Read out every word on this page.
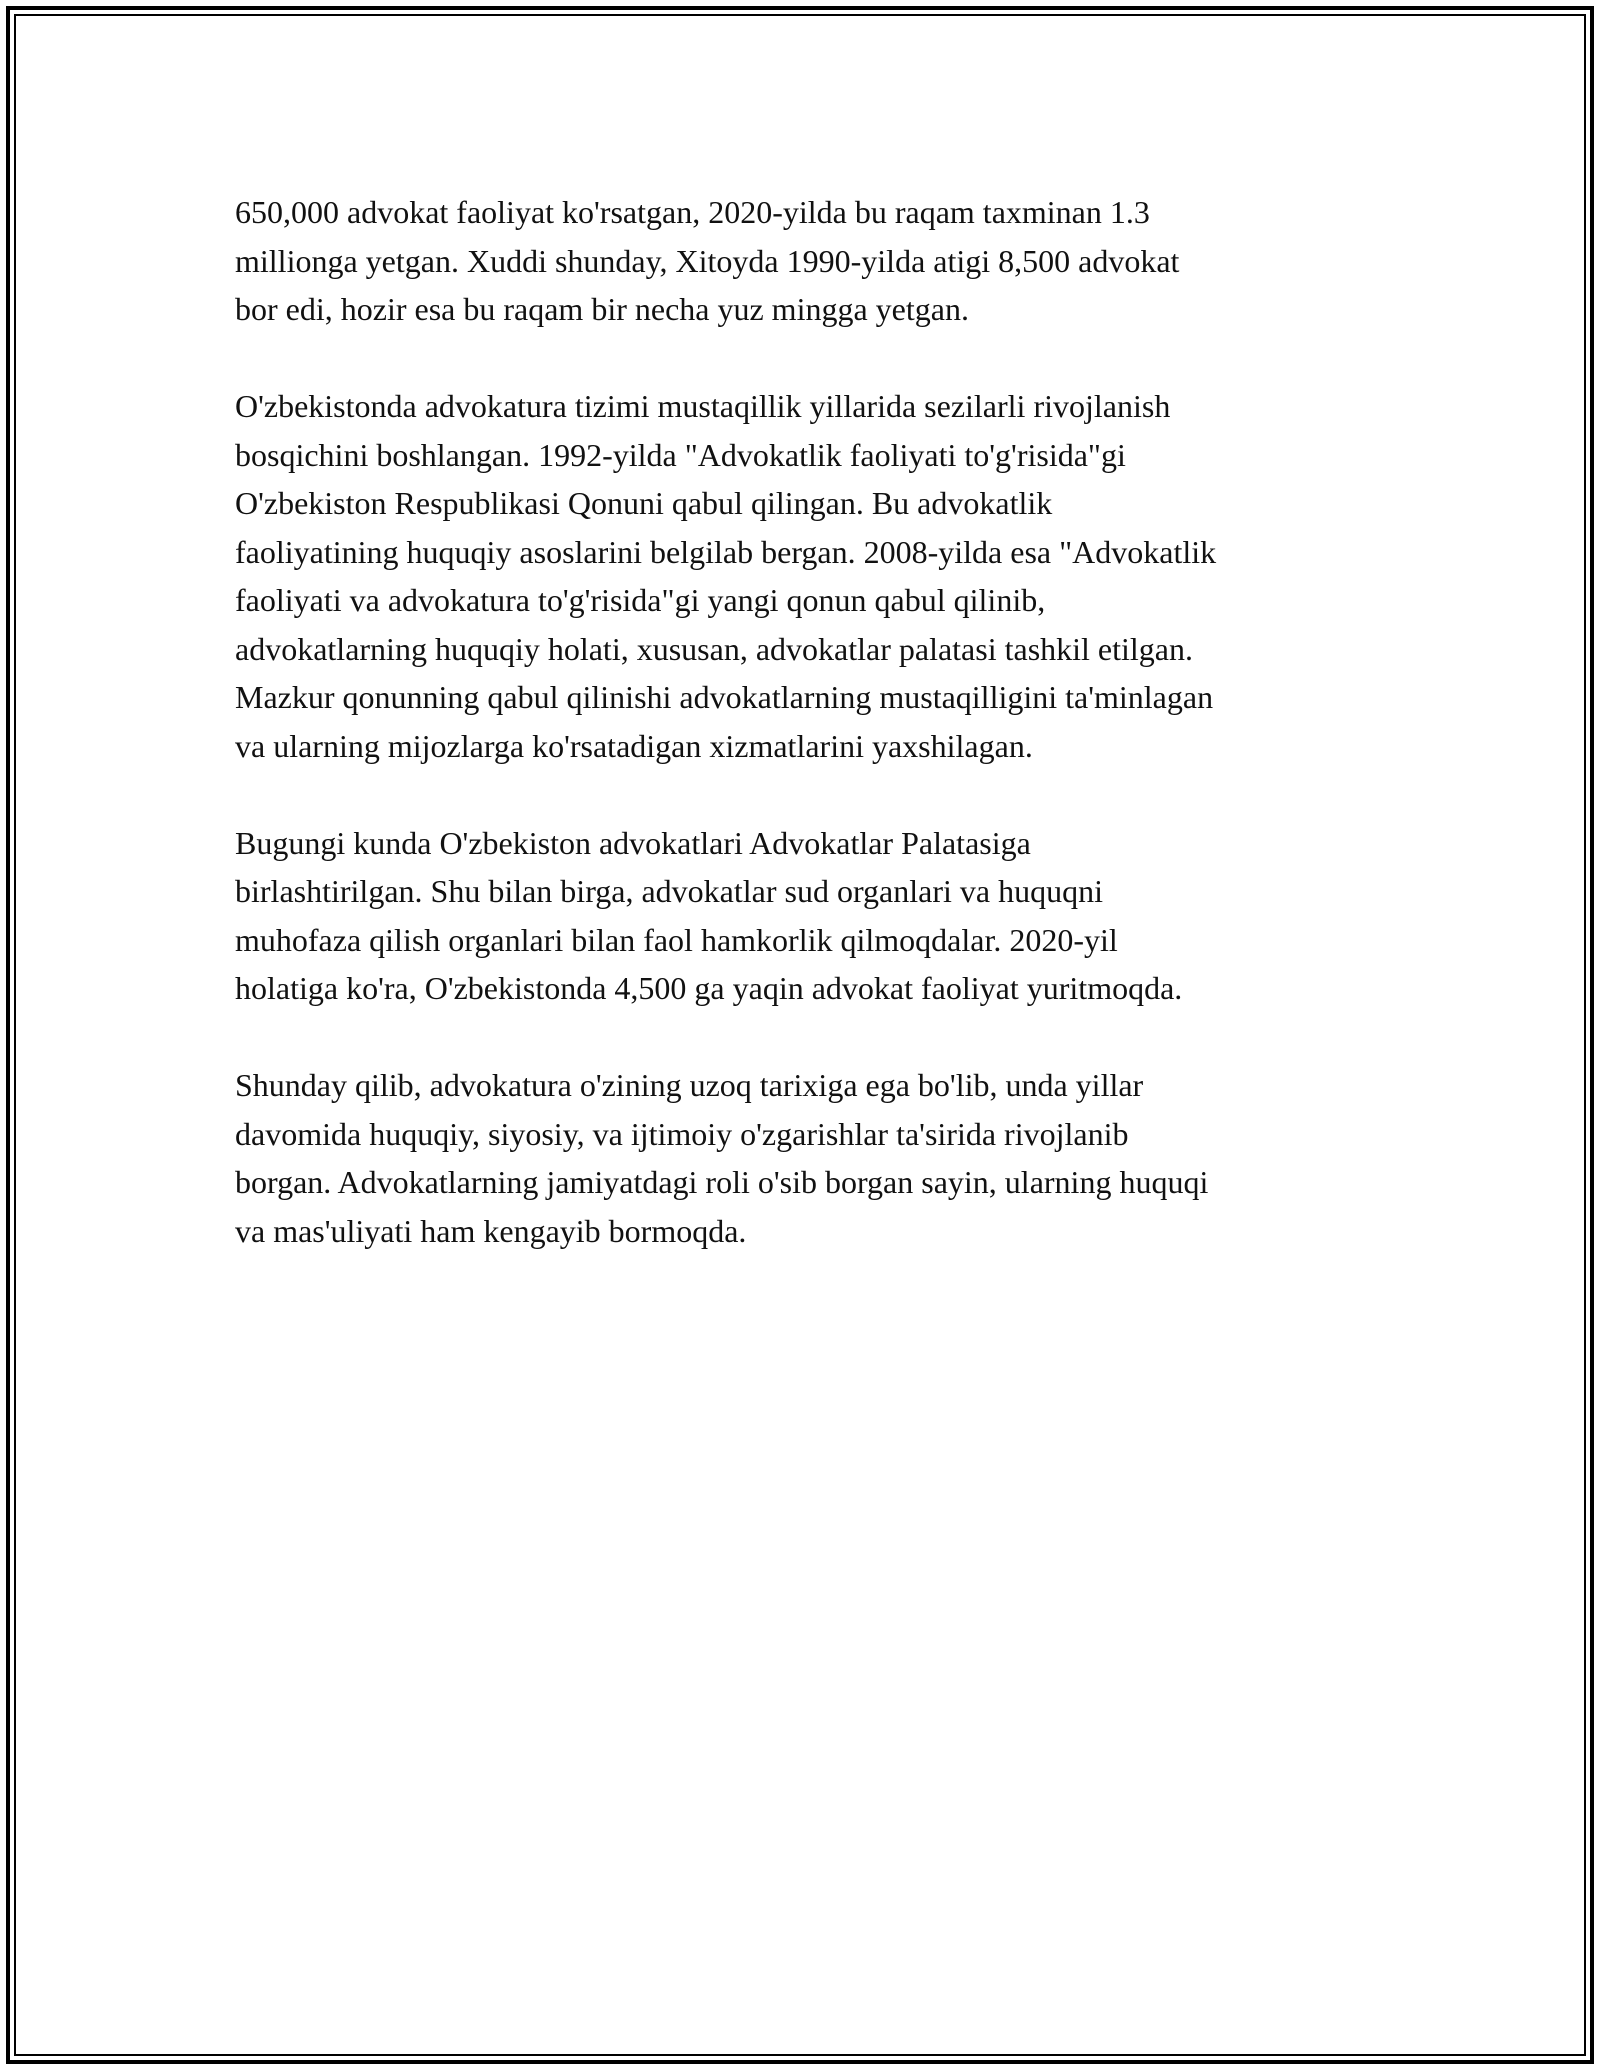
650,000 advokat faoliyat ko'rsatgan, 2020-yilda bu raqam taxminan 1.3
millionga yetgan. Xuddi shunday, Xitoyda 1990-yilda atigi 8,500 advokat
bor edi, hozir esa bu raqam bir necha yuz mingga yetgan.

O'zbekistonda advokatura tizimi mustaqillik yillarida sezilarli rivojlanish
bosqichini boshlangan. 1992-yilda "Advokatlik faoliyati to'g'risida"gi
O'zbekiston Respublikasi Qonuni qabul qilingan. Bu advokatlik
faoliyatining huquqiy asoslarini belgilab bergan. 2008-yilda esa "Advokatlik
faoliyati va advokatura to'g'risida"gi yangi qonun qabul qilinib,
advokatlarning huquqiy holati, xususan, advokatlar palatasi tashkil etilgan.
Mazkur qonunning qabul qilinishi advokatlarning mustaqilligini ta'minlagan
va ularning mijozlarga ko'rsatadigan xizmatlarini yaxshilagan.

Bugungi kunda O'zbekiston advokatlari Advokatlar Palatasiga
birlashtirilgan. Shu bilan birga, advokatlar sud organlari va huquqni
muhofaza qilish organlari bilan faol hamkorlik qilmoqdalar. 2020-yil
holatiga ko'ra, O'zbekistonda 4,500 ga yaqin advokat faoliyat yuritmoqda.

Shunday qilib, advokatura o'zining uzoq tarixiga ega bo'lib, unda yillar
davomida huquqiy, siyosiy, va ijtimoiy o'zgarishlar ta'sirida rivojlanib
borgan. Advokatlarning jamiyatdagi roli o'sib borgan sayin, ularning huquqi
va mas'uliyati ham kengayib bormoqda.
